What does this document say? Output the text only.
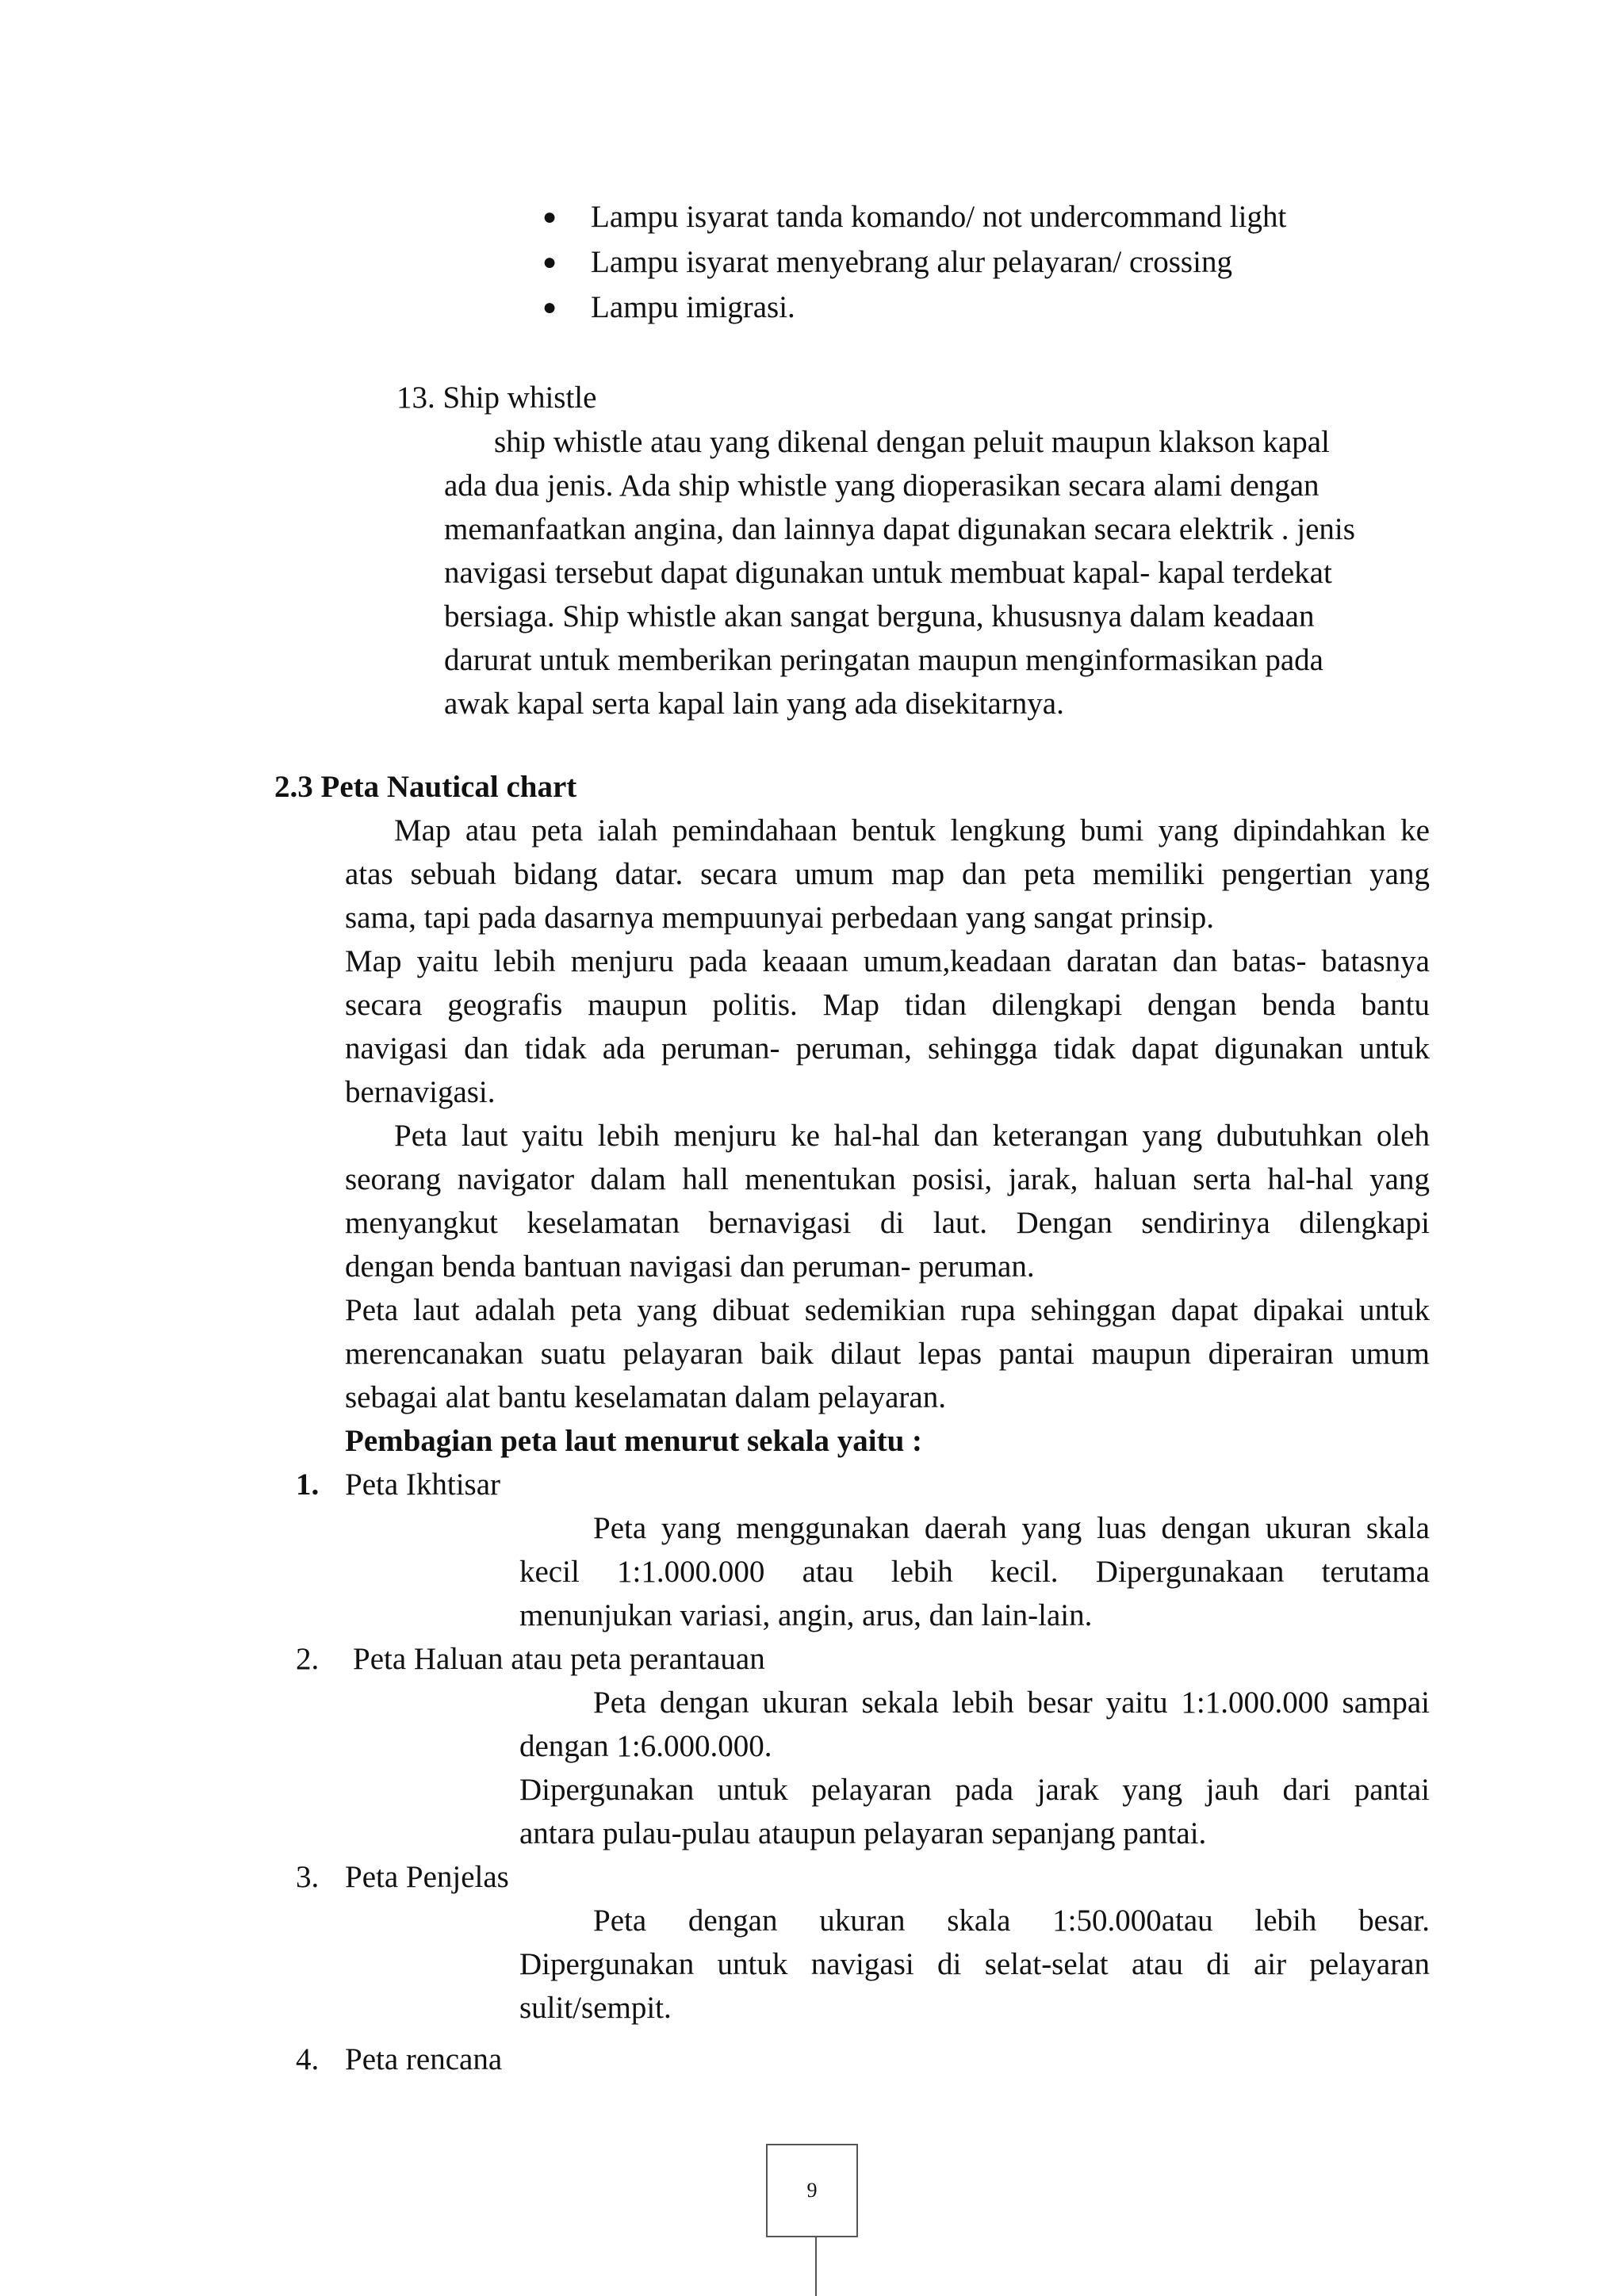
● Lampu isyarat tanda komando/ not undercommand light
● Lampu isyarat menyebrang alur pelayaran/ crossing
● Lampu imigrasi.
13. Ship whistle
ship whistle atau yang dikenal dengan peluit maupun klakson kapal
ada dua jenis. Ada ship whistle yang dioperasikan secara alami dengan
memanfaatkan angina, dan lainnya dapat digunakan secara elektrik . jenis
navigasi tersebut dapat digunakan untuk membuat kapal- kapal terdekat
bersiaga. Ship whistle akan sangat berguna, khususnya dalam keadaan
darurat untuk memberikan peringatan maupun menginformasikan pada
awak kapal serta kapal lain yang ada disekitarnya.
2.3 Peta Nautical chart
Map atau peta ialah pemindahaan bentuk lengkung bumi yang dipindahkan ke
atas sebuah bidang datar. secara umum map dan peta memiliki pengertian yang
sama, tapi pada dasarnya mempuunyai perbedaan yang sangat prinsip.
Map yaitu lebih menjuru pada keaaan umum,keadaan daratan dan batas- batasnya
secara geografis maupun politis. Map tidan dilengkapi dengan benda bantu
navigasi dan tidak ada peruman- peruman, sehingga tidak dapat digunakan untuk
bernavigasi.
Peta laut yaitu lebih menjuru ke hal-hal dan keterangan yang dubutuhkan oleh
seorang navigator dalam hall menentukan posisi, jarak, haluan serta hal-hal yang
menyangkut keselamatan bernavigasi di laut. Dengan sendirinya dilengkapi
dengan benda bantuan navigasi dan peruman- peruman.
Peta laut adalah peta yang dibuat sedemikian rupa sehinggan dapat dipakai untuk
merencanakan suatu pelayaran baik dilaut lepas pantai maupun diperairan umum
sebagai alat bantu keselamatan dalam pelayaran.
Pembagian peta laut menurut sekala yaitu :
1. Peta Ikhtisar
Peta yang menggunakan daerah yang luas dengan ukuran skala
kecil 1:1.000.000 atau lebih kecil. Dipergunakaan terutama
menunjukan variasi, angin, arus, dan lain-lain.
2. Peta Haluan atau peta perantauan
Peta dengan ukuran sekala lebih besar yaitu 1:1.000.000 sampai
dengan 1:6.000.000.
Dipergunakan untuk pelayaran pada jarak yang jauh dari pantai
antara pulau-pulau ataupun pelayaran sepanjang pantai.
3. Peta Penjelas
Peta dengan ukuran skala 1:50.000atau lebih besar.
Dipergunakan untuk navigasi di selat-selat atau di air pelayaran
sulit/sempit.
4. Peta rencana
9
